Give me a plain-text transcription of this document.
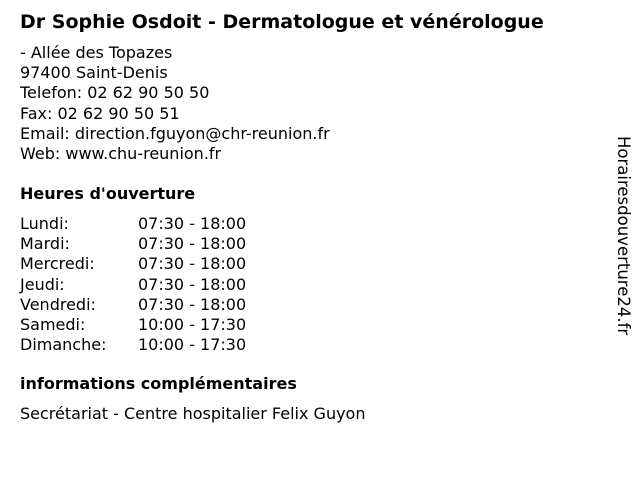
Dr Sophie Osdoit - Dermatologue et vénérologue
- Allée des Topazes
97400 Saint-Denis
Telefon: 02 62 90 50 50
Fax: 02 62 90 50 51
Email: direction.fguyon@chr-reunion.fr
Web: www.chu-reunion.fr
Heures d'ouverture
Lundi:	07:30 - 18:00
Mardi:	07:30 - 18:00
Mercredi:	07:30 - 18:00
Jeudi:	07:30 - 18:00
Vendredi:	07:30 - 18:00
Samedi:	10:00 - 17:30
Dimanche:	10:00 - 17:30
informations complémentaires
Secrétariat - Centre hospitalier Felix Guyon
Horairesdouverture24.fr
